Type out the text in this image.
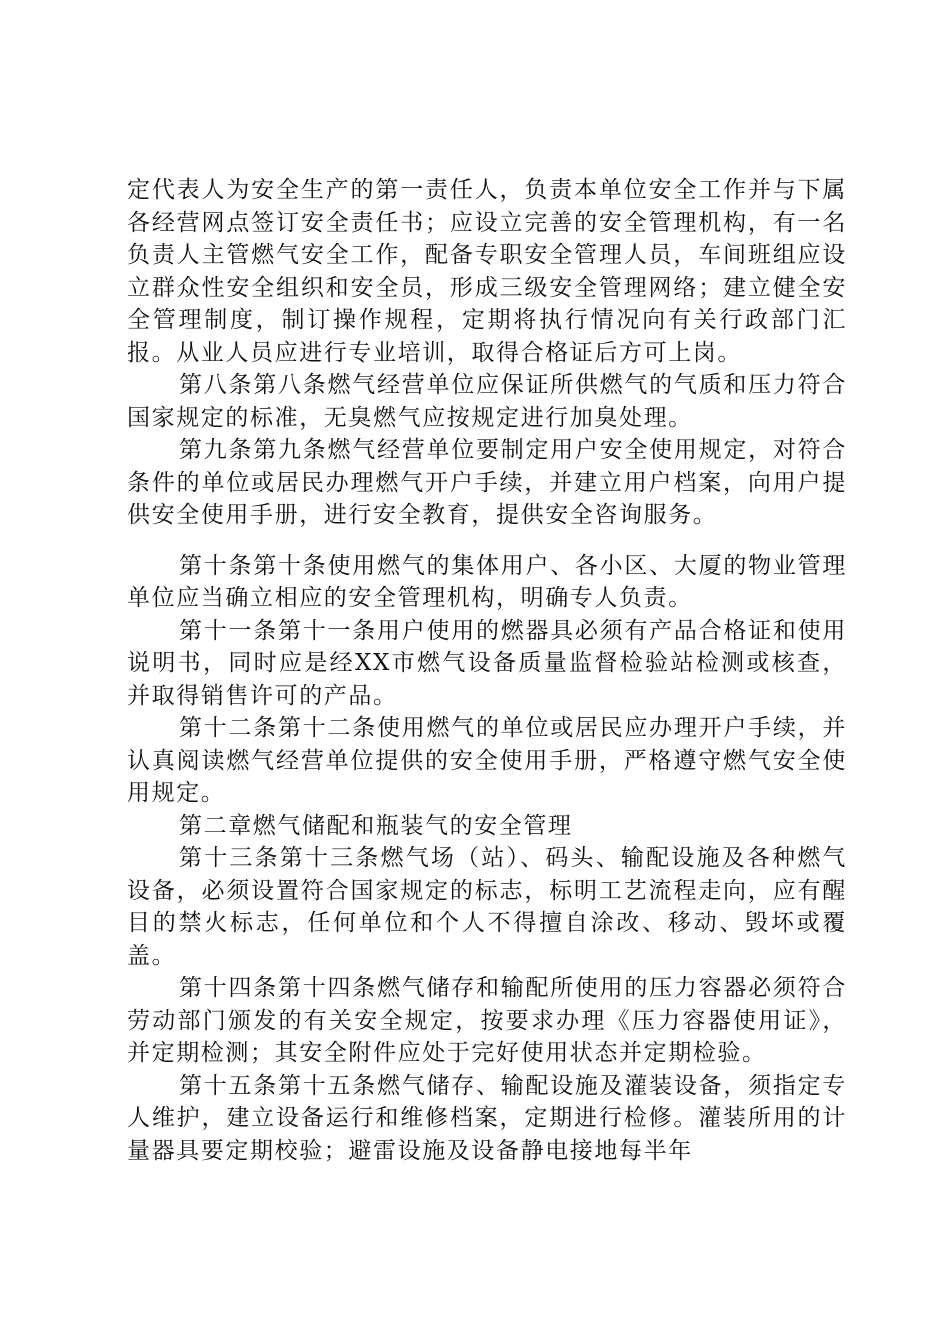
定代表人为安全生产的第一责任人，负责本单位安全工作并与下属各经营网点签订安全责任书；应设立完善的安全管理机构，有一名负责人主管燃气安全工作，配备专职安全管理人员，车间班组应设立群众性安全组织和安全员，形成三级安全管理网络；建立健全安全管理制度，制订操作规程，定期将执行情况向有关行政部门汇报。从业人员应进行专业培训，取得合格证后方可上岗。

第八条第八条燃气经营单位应保证所供燃气的气质和压力符合国家规定的标准，无臭燃气应按规定进行加臭处理。

第九条第九条燃气经营单位要制定用户安全使用规定，对符合条件的单位或居民办理燃气开户手续，并建立用户档案，向用户提供安全使用手册，进行安全教育，提供安全咨询服务。

第十条第十条使用燃气的集体用户、各小区、大厦的物业管理单位应当确立相应的安全管理机构，明确专人负责。

第十一条第十一条用户使用的燃器具必须有产品合格证和使用说明书，同时应是经XX市燃气设备质量监督检验站检测或核查，并取得销售许可的产品。

第十二条第十二条使用燃气的单位或居民应办理开户手续，并认真阅读燃气经营单位提供的安全使用手册，严格遵守燃气安全使用规定。

第二章燃气储配和瓶装气的安全管理

第十三条第十三条燃气场（站）、码头、输配设施及各种燃气设备，必须设置符合国家规定的标志，标明工艺流程走向，应有醒目的禁火标志，任何单位和个人不得擅自涂改、移动、毁坏或覆盖。

第十四条第十四条燃气储存和输配所使用的压力容器必须符合劳动部门颁发的有关安全规定，按要求办理《压力容器使用证》，并定期检测；其安全附件应处于完好使用状态并定期检验。

第十五条第十五条燃气储存、输配设施及灌装设备，须指定专人维护，建立设备运行和维修档案，定期进行检修。灌装所用的计量器具要定期校验；避雷设施及设备静电接地每半年
